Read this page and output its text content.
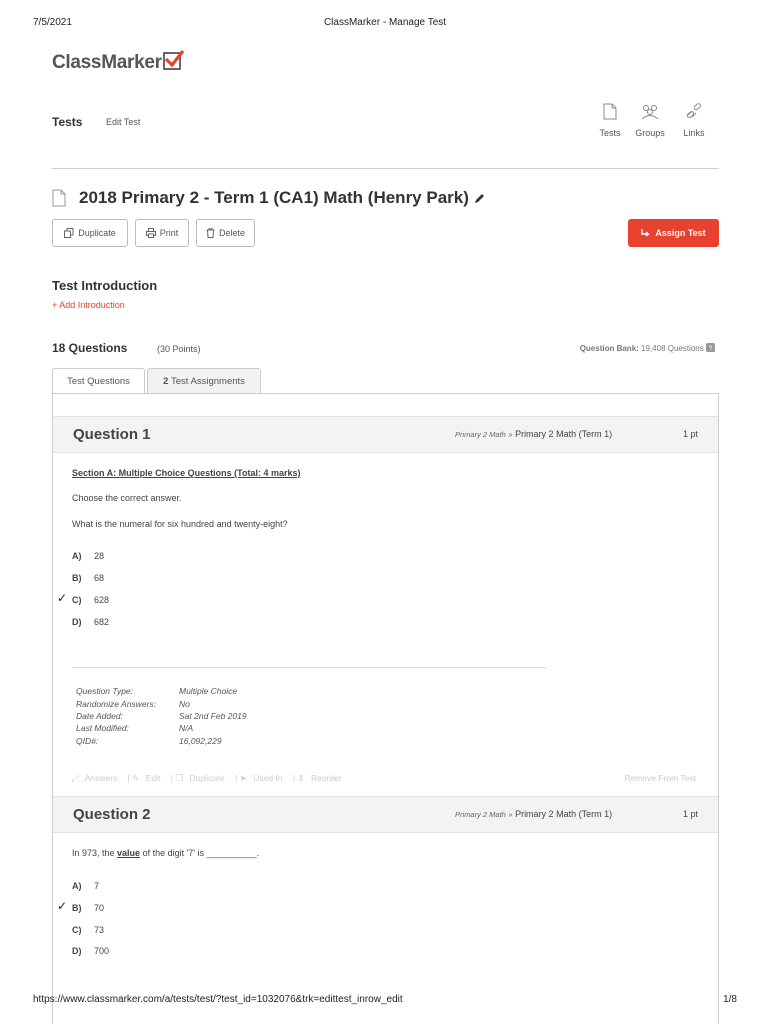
7/5/2021	ClassMarker - Manage Test
ClassMarker
Tests	Edit Test
Tests	Groups	Links
2018 Primary 2 - Term 1 (CA1) Math (Henry Park)
Duplicate	Print	Delete	Assign Test
Test Introduction
+ Add Introduction
18 Questions	(30 Points)	Question Bank: 19,408 Questions ?
Test Questions	2
Test Assignments
Question 1	Primary 2 Math » Primary 2 Math (Term 1)	1 pt
Section A: Multiple Choice Questions (Total: 4 marks)
Choose the correct answer.
What is the numeral for six hundred and twenty-eight?
A) 28
B) 68
✓ C) 628
D) 682
Question Type:	Multiple Choice
Randomize Answers:	No
Date Added:	Sat 2nd Feb 2019
Last Modified:	N/A
QID#:	16,092,229
⤢ Answers | ✎ Edit | ❐ Duplicate | ➤ Used In | ⇕ Reorder	Remove From Test
Question 2	Primary 2 Math » Primary 2 Math (Term 1)	1 pt
In 973, the value of the digit '7' is __________.
A) 7
✓ B) 70
C) 73
D) 700
https://www.classmarker.com/a/tests/test/?test_id=1032076&trk=edittest_inrow_edit	1/8
